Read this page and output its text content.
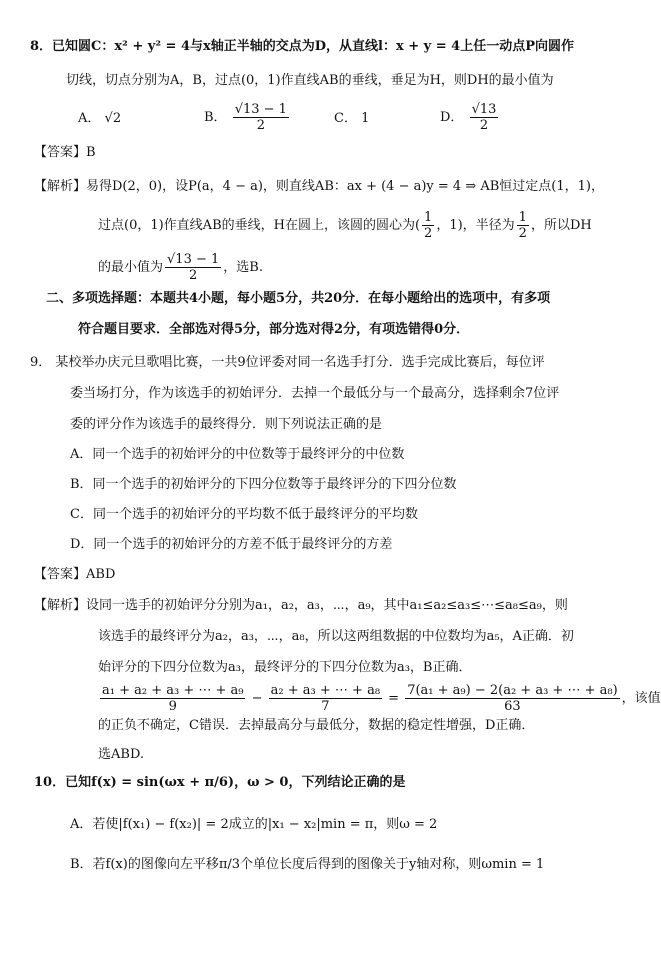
8．已知圆C：x² + y² = 4与x轴正半轴的交点为D，从直线l：x + y = 4上任一动点P向圆作
切线，切点分别为A，B，过点(0，1)作直线AB的垂线，垂足为H，则DH的最小值为
A． √2	B． $\frac{√13 - 1}{2}$	C． 1	D． $\frac{√13}{2}$
【答案】B
【解析】易得D(2，0)，设P(a，4 − a)，则直线AB：ax + (4 − a)y = 4 ⇒ AB恒过定点(1，1)，
过点(0，1)作直线AB的垂线，H在圆上，该圆的圆心为( $\frac{1}{2}$ ，1)，半径为 $\frac{1}{2}$ ，所以DH
的最小值为 $\frac{√13 - 1}{2}$ ，选B.
二、多项选择题：本题共4小题，每小题5分，共20分．在每小题给出的选项中，有多项
符合题目要求．全部选对得5分，部分选对得2分，有项选错得0分．
9． 某校举办庆元旦歌唱比赛，一共9位评委对同一名选手打分．选手完成比赛后，每位评
委当场打分，作为该选手的初始评分．去掉一个最低分与一个最高分，选择剩余7位评
委的评分作为该选手的最终得分．则下列说法正确的是
A．同一个选手的初始评分的中位数等于最终评分的中位数
B．同一个选手的初始评分的下四分位数等于最终评分的下四分位数
C．同一个选手的初始评分的平均数不低于最终评分的平均数
D．同一个选手的初始评分的方差不低于最终评分的方差
【答案】ABD
【解析】设同一选手的初始评分分别为a₁，a₂，a₃，⋯，a₉，其中a₁≤a₂≤a₃≤⋯≤a₈≤a₉，则
该选手的最终评分为a₂，a₃，⋯，a₈，所以这两组数据的中位数均为a₅，A正确．初
始评分的下四分位数为a₃，最终评分的下四分位数为a₃，B正确．
$\frac{\text{a₁ + a₂ + a₃ + ⋯ + a₉}}{9} - \frac{\text{a₂ + a₃ + ⋯ + a₈}}{7} = \frac{\text{7(a₁ + a₉) − 2(a₂ + a₃ + ⋯ + a₈)}}{63}$ ，该值
的正负不确定，C错误．去掉最高分与最低分，数据的稳定性增强，D正确．
选ABD.
10．已知f(x) = sin(ωx + π/6)，ω > 0，下列结论正确的是
A．若使|f(x₁) − f(x₂)| = 2成立的|x₁ − x₂|min = π，则ω = 2
B．若f(x)的图像向左平移π/3个单位长度后得到的图像关于y轴对称，则ωmin = 1
